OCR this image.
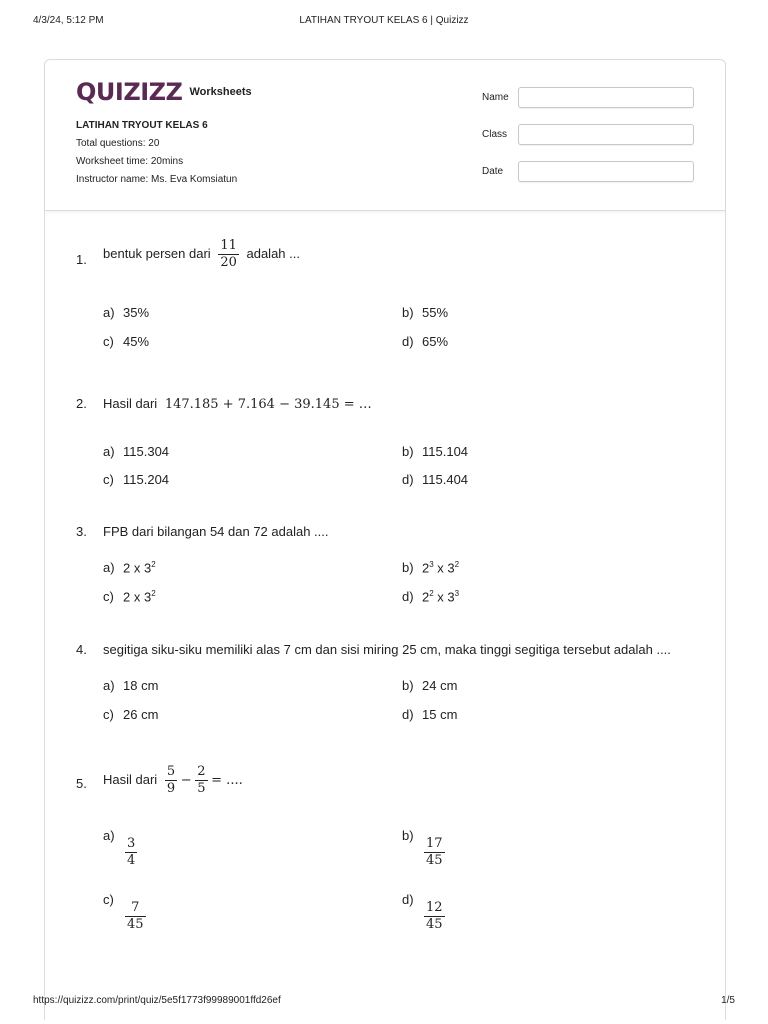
4/3/24, 5:12 PM	LATIHAN TRYOUT KELAS 6 | Quizizz
QUIZIZZ Worksheets
LATIHAN TRYOUT KELAS 6
Total questions: 20
Worksheet time: 20mins
Instructor name: Ms. Eva Komsiatun
Name
Class
Date
1. bentuk persen dari $\frac{11}{20}$ adalah ...
a) 35%	b) 55%
c) 45%	d) 65%
2. Hasil dari 147.185 + 7.164 − 39.145 = …
a) 115.304	b) 115.104
c) 115.204	d) 115.404
3. FPB dari bilangan 54 dan 72 adalah ....
a) 2 x $3^2$	b) $2^3$ x $3^2$
c) 2 x $3^2$	d) $2^2$ x $3^3$
4. segitiga siku-siku memiliki alas 7 cm dan sisi miring 25 cm, maka tinggi segitiga tersebut adalah ....
a) 18 cm	b) 24 cm
c) 26 cm	d) 15 cm
5. Hasil dari $\frac{5}{9} - \frac{2}{5}$ = ....
a)
$\frac{3}{4}$
b)
$\frac{17}{45}$
c)
$\frac{7}{45}$
d)
$\frac{12}{45}$
https://quizizz.com/print/quiz/5e5f1773f99989001ffd26ef	1/5
